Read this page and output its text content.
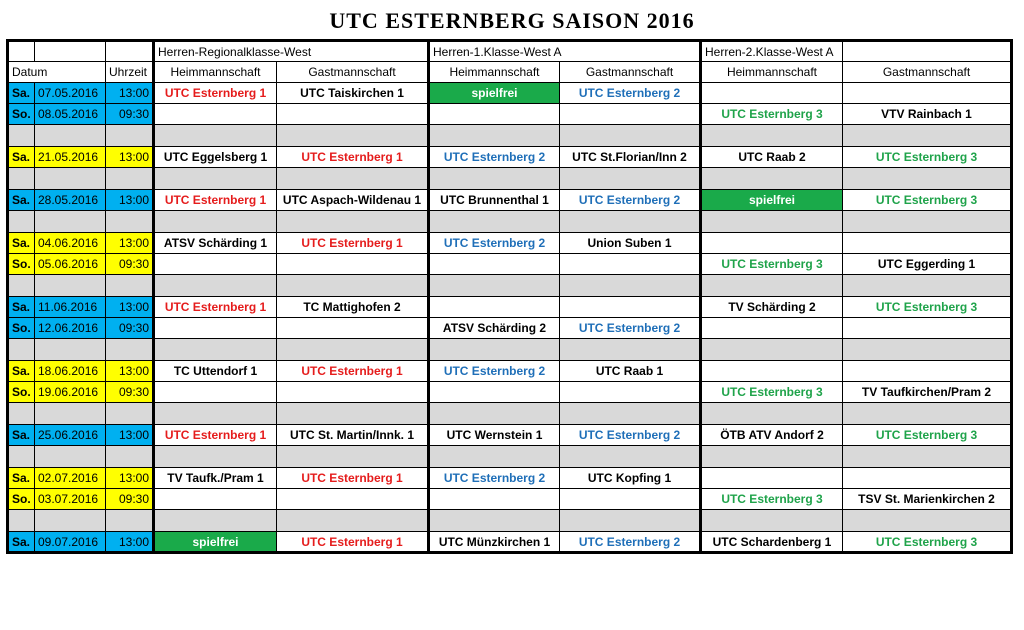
UTC ESTERNBERG SAISON 2016
			Herren-Regionalklasse-West		Herren-1.Klasse-West A		Herren-2.Klasse-West A	
Datum		Uhrzeit	Heimmannschaft	Gastmannschaft	Heimmannschaft	Gastmannschaft	Heimmannschaft	Gastmannschaft
Sa.	07.05.2016	13:00	UTC Esternberg 1	UTC Taiskirchen 1	spielfrei	UTC Esternberg 2		
So.	08.05.2016	09:30					UTC Esternberg 3	VTV Rainbach 1

Sa.	21.05.2016	13:00	UTC Eggelsberg 1	UTC Esternberg 1	UTC Esternberg 2	UTC St.Florian/Inn 2	UTC Raab 2	UTC Esternberg 3

Sa.	28.05.2016	13:00	UTC Esternberg 1	UTC Aspach-Wildenau 1	UTC Brunnenthal 1	UTC Esternberg 2	spielfrei	UTC Esternberg 3

Sa.	04.06.2016	13:00	ATSV Schärding 1	UTC Esternberg 1	UTC Esternberg 2	Union Suben 1		
So.	05.06.2016	09:30					UTC Esternberg 3	UTC Eggerding 1

Sa.	11.06.2016	13:00	UTC Esternberg 1	TC Mattighofen 2			TV Schärding 2	UTC Esternberg 3
So.	12.06.2016	09:30			ATSV Schärding 2	UTC Esternberg 2		

Sa.	18.06.2016	13:00	TC Uttendorf 1	UTC Esternberg 1	UTC Esternberg 2	UTC Raab 1		
So.	19.06.2016	09:30					UTC Esternberg 3	TV Taufkirchen/Pram 2

Sa.	25.06.2016	13:00	UTC Esternberg 1	UTC St. Martin/Innk. 1	UTC Wernstein 1	UTC Esternberg 2	ÖTB ATV Andorf 2	UTC Esternberg 3

Sa.	02.07.2016	13:00	TV Taufk./Pram 1	UTC Esternberg 1	UTC Esternberg 2	UTC Kopfing 1		
So.	03.07.2016	09:30					UTC Esternberg 3	TSV St. Marienkirchen 2

Sa.	09.07.2016	13:00	spielfrei	UTC Esternberg 1	UTC Münzkirchen 1	UTC Esternberg 2	UTC Schardenberg 1	UTC Esternberg 3
